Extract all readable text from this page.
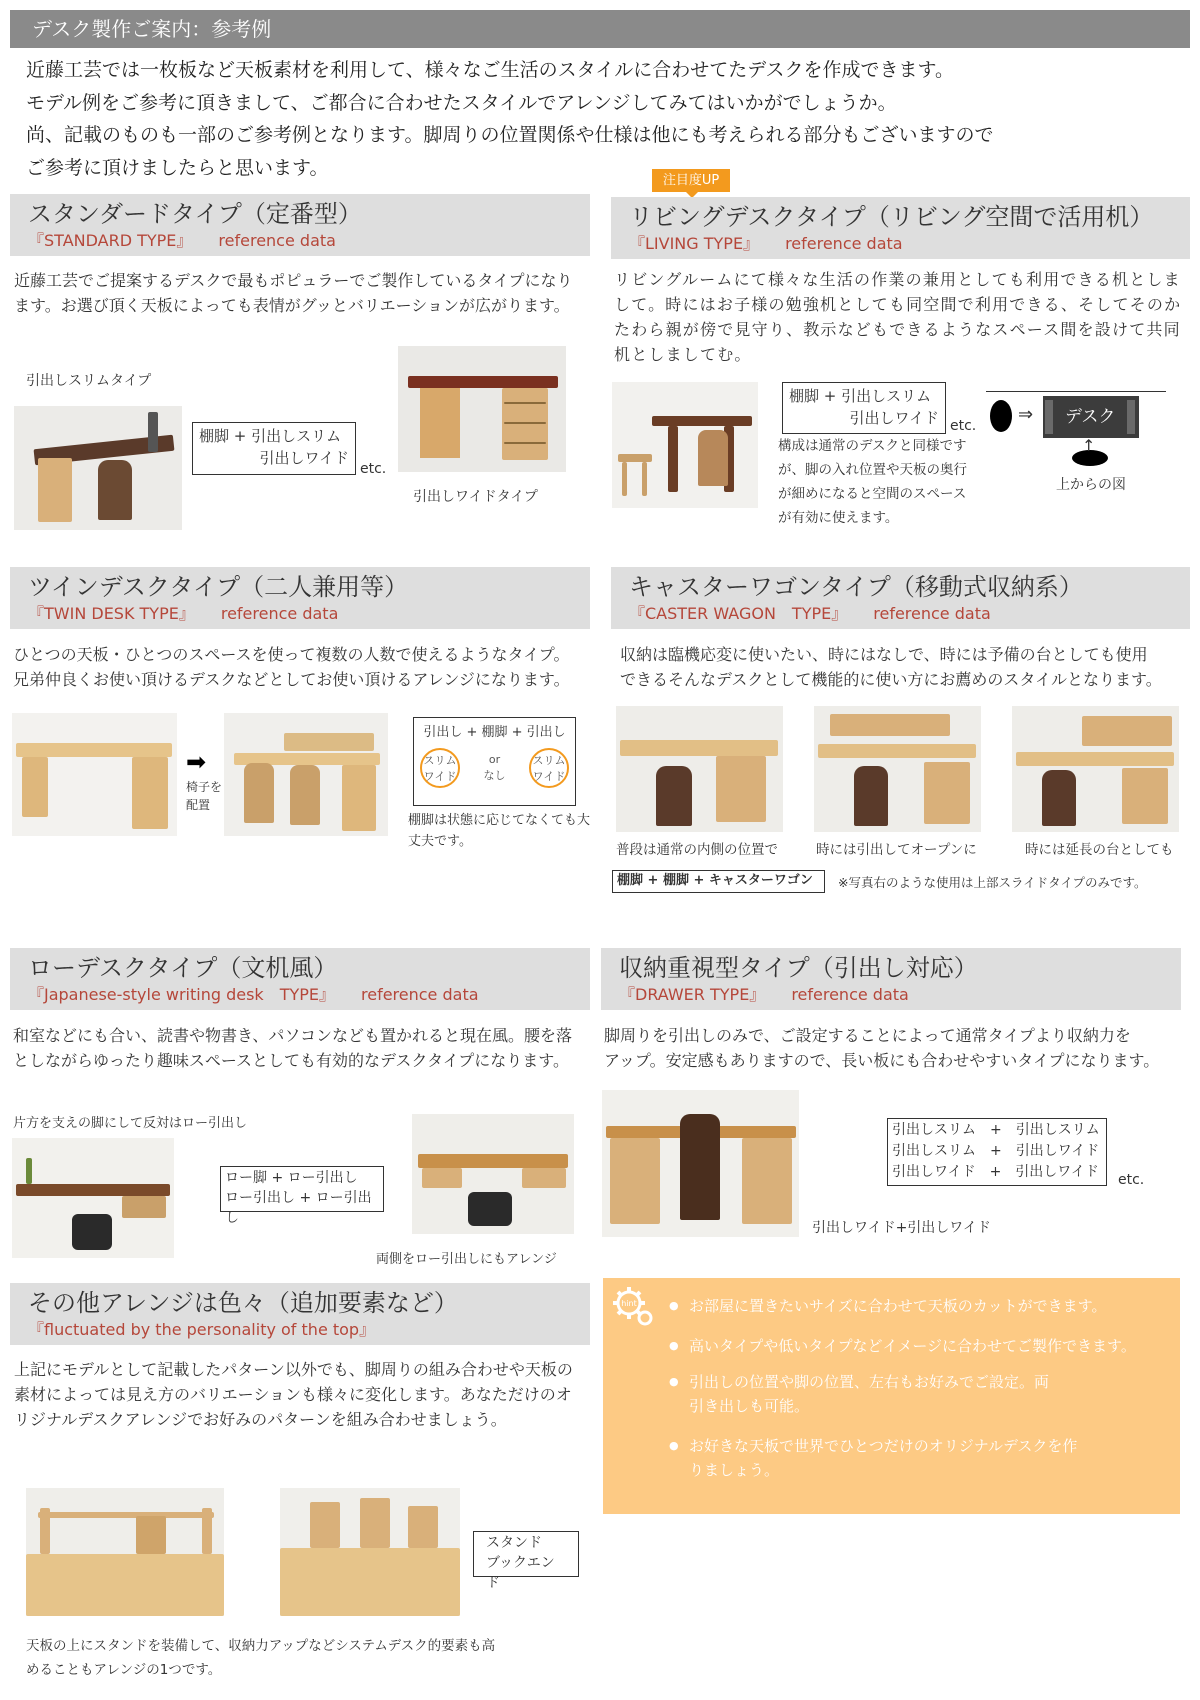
デスク製作ご案内：参考例
近藤工芸では一枚板など天板素材を利用して、様々なご生活のスタイルに合わせてたデスクを作成できます。
モデル例をご参考に頂きまして、ご都合に合わせたスタイルでアレンジしてみてはいかがでしょうか。
尚、記載のものも一部のご参考例となります。脚周りの位置関係や仕様は他にも考えられる部分もございますので
ご参考に頂けましたらと思います。
スタンダードタイプ（定番型）
『STANDARD TYPE』 reference data
近藤工芸でご提案するデスクで最もポピュラーでご製作しているタイプになります。お選び頂く天板によっても表情がグッとバリエーションが広がります。
引出しスリムタイプ
棚脚 + 引出しスリム
引出しワイド
etc.
引出しワイドタイプ
注目度UP
リビングデスクタイプ（リビング空間で活用机）
『LIVING TYPE』 reference data
リビングルームにて様々な生活の作業の兼用としても利用できる机としまして。時にはお子様の勉強机としても同空間で利用できる、そしてそのかたわら親が傍で見守り、教示などもできるようなスペース間を設けて共同机としましてむ。
棚脚 + 引出しスリム
引出しワイド etc.
構成は通常のデスクと同様ですが、脚の入れ位置や天板の奥行が細めになると空間のスペースが有効に使えます。
デスク
⇒
↑
上からの図
ツインデスクタイプ（二人兼用等）
『TWIN DESK TYPE』 reference data
ひとつの天板・ひとつのスペースを使って複数の人数で使えるようなタイプ。
兄弟仲良くお使い頂けるデスクなどとしてお使い頂けるアレンジになります。
➡
椅子を
配置
引出し + 棚脚 + 引出し
スリム
ワイド
or
なし
スリム
ワイド
棚脚は状態に応じてなくても大丈夫です。
キャスターワゴンタイプ（移動式収納系）
『CASTER WAGON　TYPE』 reference data
収納は臨機応変に使いたい、時にはなしで、時には予備の台としても使用
できるそんなデスクとして機能的に使い方にお薦めのスタイルとなります。
普段は通常の内側の位置で	時には引出してオープンに	時には延長の台としても
棚脚 + 棚脚 + キャスターワゴン	※写真右のような使用は上部スライドタイプのみです。
ローデスクタイプ（文机風）
『Japanese-style writing desk　TYPE』 reference data
和室などにも合い、読書や物書き、パソコンなども置かれると現在風。腰を落としながらゆったり趣味スペースとしても有効的なデスクタイプになります。
片方を支えの脚にして反対はロー引出し
ロー脚 + ロー引出し
ロー引出し + ロー引出し
両側をロー引出しにもアレンジ
収納重視型タイプ（引出し対応）
『DRAWER TYPE』 reference data
脚周りを引出しのみで、ご設定することによって通常タイプより収納力を
アップ。安定感もありますので、長い板にも合わせやすいタイプになります。
引出しスリム　+　引出しスリム
引出しスリム　+　引出しワイド
引出しワイド　+　引出しワイド etc.
引出しワイド+引出しワイド
その他アレンジは色々（追加要素など）
『fluctuated by the personality of the top』
上記にモデルとして記載したパターン以外でも、脚周りの組み合わせや天板の素材によっては見え方のバリエーションも様々に変化します。あなただけのオリジナルデスクアレンジでお好みのパターンを組み合わせましょう。
スタンド
ブックエンド
天板の上にスタンドを装備して、収納力アップなどシステムデスク的要素も高めることもアレンジの1つです。
hint
●	お部屋に置きたいサイズに合わせて天板のカットができます。
● 高いタイプや低いタイプなどイメージに合わせてご製作できます。
● 引出しの位置や脚の位置、左右もお好みでご設定。両引き出しも可能。
● お好きな天板で世界でひとつだけのオリジナルデスクを作りましょう。
